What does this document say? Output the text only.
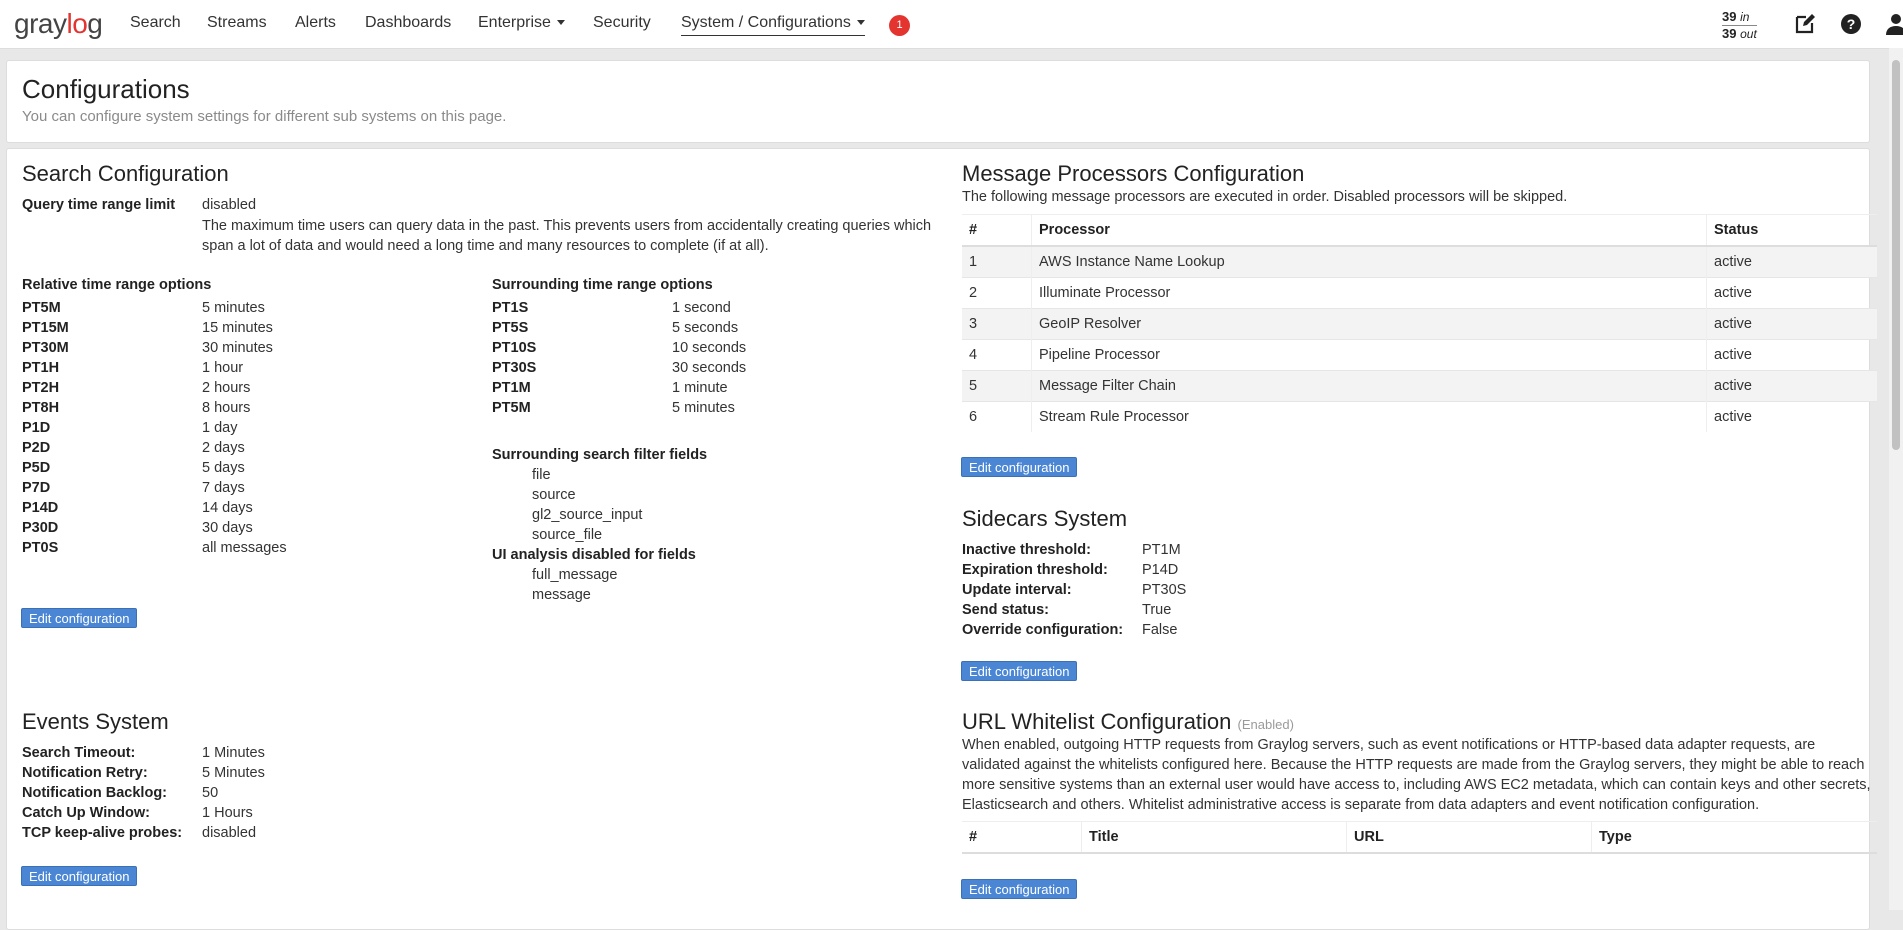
graylog Search Streams Alerts Dashboards Enterprise	Security System / Configurations	1
39 in
39 out
?
Configurations
You can configure system settings for different sub systems on this page.
Search Configuration
Query time range limit disabled
The maximum time users can query data in the past. This prevents users from accidentally creating queries which span a lot of data and would need a long time and many resources to complete (if at all).
Relative time range options
PT5M	5 minutes
PT15M	15 minutes
PT30M	30 minutes
PT1H	1 hour
PT2H	2 hours
PT8H	8 hours
P1D	1 day
P2D	2 days
P5D	5 days
P7D	7 days
P14D	14 days
P30D	30 days
PT0S	all messages
Surrounding time range options
PT1S	1 second
PT5S	5 seconds
PT10S	10 seconds
PT30S	30 seconds
PT1M	1 minute
PT5M	5 minutes
Surrounding search filter fields
file
source
gl2_source_input
source_file
UI analysis disabled for fields
full_message
message
Edit configuration
Events System
Search Timeout:	1 Minutes
Notification Retry:	5 Minutes
Notification Backlog: 50
Catch Up Window:	1 Hours
TCP keep-alive probes: disabled
Edit configuration
Message Processors Configuration
The following message processors are executed in order. Disabled processors will be skipped.
#	Processor	Status
1	AWS Instance Name Lookup	active
2	Illuminate Processor	active
3	GeoIP Resolver	active
4	Pipeline Processor	active
5	Message Filter Chain	active
6	Stream Rule Processor	active
Edit configuration
Sidecars System
Inactive threshold:	PT1M
Expiration threshold: P14D
Update interval:	PT30S
Send status:	True
Override configuration: False
Edit configuration
URL Whitelist Configuration (Enabled)
When enabled, outgoing HTTP requests from Graylog servers, such as event notifications or HTTP-based data adapter requests, are validated against the whitelists configured here. Because the HTTP requests are made from the Graylog servers, they might be able to reach more sensitive systems than an external user would have access to, including AWS EC2 metadata, which can contain keys and other secrets, Elasticsearch and others. Whitelist administrative access is separate from data adapters and event notification configuration.
#	Title	URL	Type
Edit configuration
